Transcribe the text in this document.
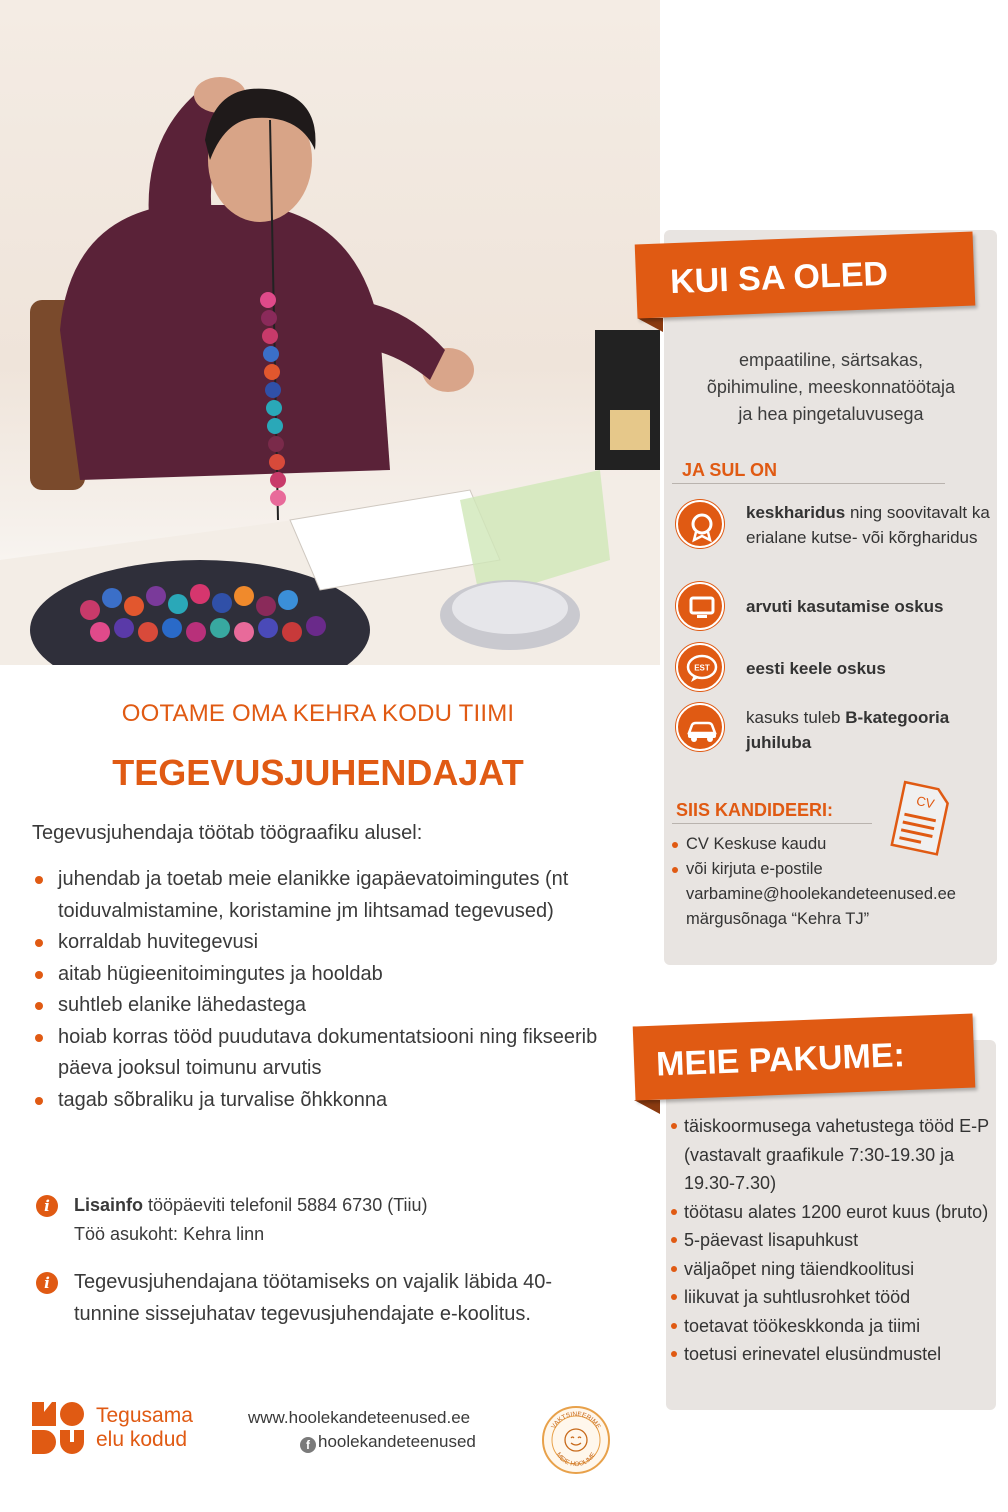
KUI SA OLED
empaatiline, särtsakas,
õpihimuline, meeskonnatöötaja
ja hea pingetaluvusega
JA SUL ON
keskharidus ning soovitavalt ka erialane kutse- või kõrgharidus
arvuti kasutamise oskus
EST eesti keele oskus
kasuks tuleb B-kategooria juhiluba
SIIS KANDIDEERI:	CV
CV Keskuse kaudu
või kirjuta e-postile
varbamine@hoolekandeteenused.ee
märgusõnaga “Kehra TJ”
MEIE PAKUME:
täiskoormusega vahetustega tööd E-P (vastavalt graafikule 7:30-19.30 ja 19.30-7.30)
töötasu alates 1200 eurot kuus (bruto)
5-päevast lisapuhkust
väljaõpet ning täiendkoolitusi
liikuvat ja suhtlusrohket tööd
toetavat töökeskkonda ja tiimi
toetusi erinevatel elusündmustel
OOTAME OMA KEHRA KODU TIIMI
TEGEVUSJUHENDAJAT
Tegevusjuhendaja töötab töögraafiku alusel:
juhendab ja toetab meie elanikke igapäevatoimingutes (nt toiduvalmistamine, koristamine jm lihtsamad tegevused)
korraldab huvitegevusi
aitab hügieenitoimingutes ja hooldab
suhtleb elanike lähedastega
hoiab korras tööd puudutava dokumentatsiooni ning fikseerib päeva jooksul toimunu arvutis
tagab sõbraliku ja turvalise õhkkonna
i	Lisainfo tööpäeviti telefonil 5884 6730 (Tiiu)
Töö asukoht: Kehra linn
i	Tegevusjuhendajana töötamiseks on vajalik läbida 40-tunnine sissejuhatav tegevusjuhendajate e-koolitus.
Tegusama
elu kodud
www.hoolekandeteenused.ee
f hoolekandeteenused
VAKTSINEERIME
MEIE HOOLIME
